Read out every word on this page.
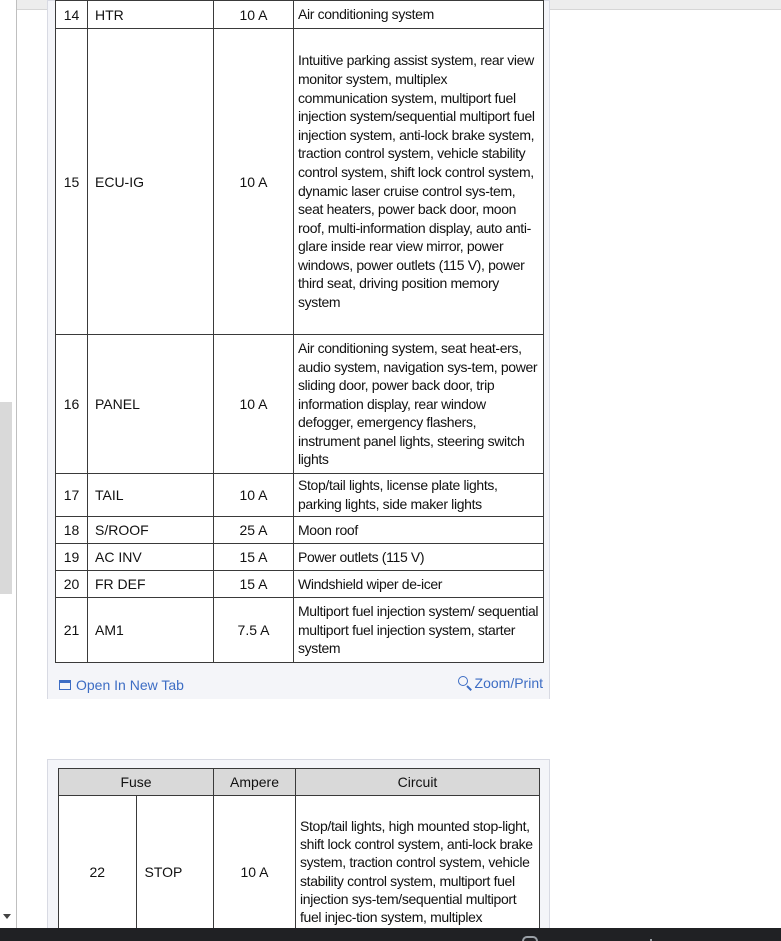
14	HTR	10 A	Air conditioning system
15	ECU-IG	10 A	Intuitive parking assist system, rear view monitor system, multiplex communication system, multiport fuel injection system/sequential multiport fuel injection system, anti-lock brake system, traction control system, vehicle stability control system, shift lock control system, dynamic laser cruise control sys-tem, seat heaters, power back door, moon roof, multi-information display, auto anti-glare inside rear view mirror, power windows, power outlets (115 V), power third seat, driving position memory system
16	PANEL	10 A	Air conditioning system, seat heat-ers, audio system, navigation sys-tem, power sliding door, power back door, trip information display, rear window defogger, emergency flashers, instrument panel lights, steering switch lights
17	TAIL	10 A	Stop/tail lights, license plate lights, parking lights, side maker lights
18	S/ROOF	25 A	Moon roof
19	AC INV	15 A	Power outlets (115 V)
20	FR DEF	15 A	Windshield wiper de-icer
21	AM1	7.5 A	Multiport fuel injection system/ sequential multiport fuel injection system, starter system
Open In New Tab	Zoom/Print
Fuse		Ampere	Circuit
22	STOP	10 A	Stop/tail lights, high mounted stop-light, shift lock control system, anti-lock brake system, traction control system, vehicle stability control system, multiport fuel injection sys-tem/sequential multiport fuel injec-tion system, multiplex
